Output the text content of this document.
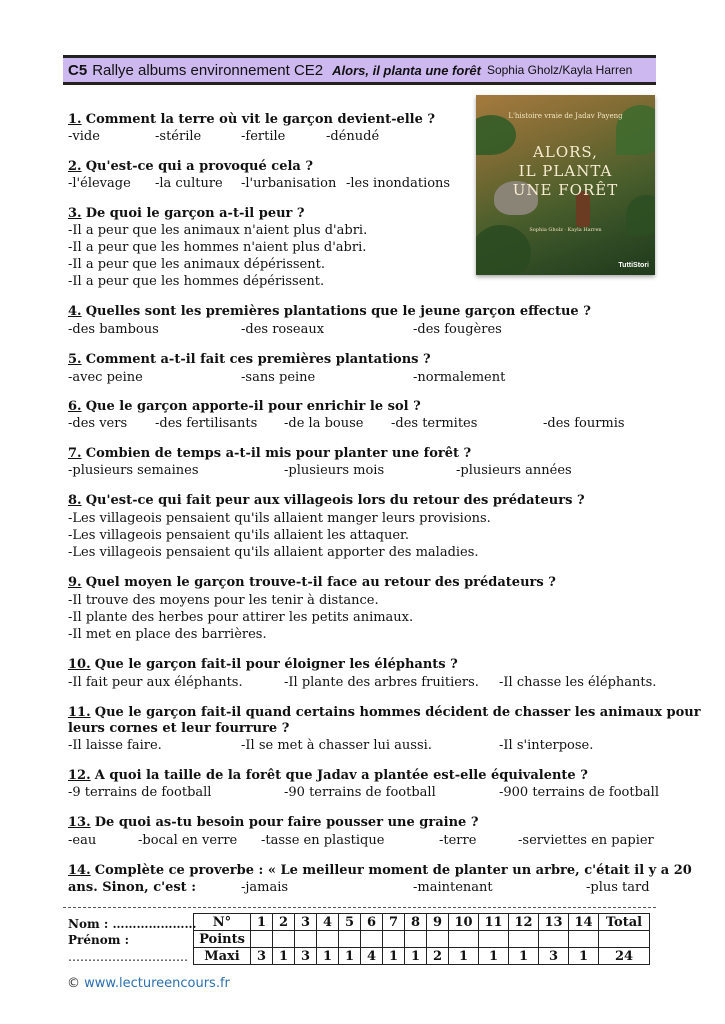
C5 Rallye albums environnement CE2 Alors, il planta une forêt Sophia Gholz/Kayla Harren
L'histoire vraie de Jadav Payeng
ALORS,
IL PLANTA
UNE FORÊT
Sophia Gholz · Kayla Harren
TuttiStori
1. Comment la terre où vit le garçon devient-elle ?
-vide	-stérile	-fertile	-dénudé
2. Qu'est-ce qui a provoqué cela ?
-l'élevage -la culture -l'urbanisation -les inondations
3. De quoi le garçon a-t-il peur ?
-Il a peur que les animaux n'aient plus d'abri.
-Il a peur que les hommes n'aient plus d'abri.
-Il a peur que les animaux dépérissent.
-Il a peur que les hommes dépérissent.
4. Quelles sont les premières plantations que le jeune garçon effectue ?
-des bambous	-des roseaux	-des fougères
5. Comment a-t-il fait ces premières plantations ?
-avec peine	-sans peine	-normalement
6. Que le garçon apporte-il pour enrichir le sol ?
-des vers -des fertilisants -de la bouse -des termites	-des fourmis
7. Combien de temps a-t-il mis pour planter une forêt ?
-plusieurs semaines	-plusieurs mois	-plusieurs années
8. Qu'est-ce qui fait peur aux villageois lors du retour des prédateurs ?
-Les villageois pensaient qu'ils allaient manger leurs provisions.
-Les villageois pensaient qu'ils allaient les attaquer.
-Les villageois pensaient qu'ils allaient apporter des maladies.
9. Quel moyen le garçon trouve-t-il face au retour des prédateurs ?
-Il trouve des moyens pour les tenir à distance.
-Il plante des herbes pour attirer les petits animaux.
-Il met en place des barrières.
10. Que le garçon fait-il pour éloigner les éléphants ?
-Il fait peur aux éléphants.	-Il plante des arbres fruitiers. -Il chasse les éléphants.
11. Que le garçon fait-il quand certains hommes décident de chasser les animaux pour
leurs cornes et leur fourrure ?
-Il laisse faire.	-Il se met à chasser lui aussi.	-Il s'interpose.
12. A quoi la taille de la forêt que Jadav a plantée est-elle équivalente ?
-9 terrains de football	-90 terrains de football	-900 terrains de football
13. De quoi as-tu besoin pour faire pousser une graine ?
-eau	-bocal en verre -tasse en plastique	-terre	-serviettes en papier
14. Complète ce proverbe : « Le meilleur moment de planter un arbre, c'était il y a 20
ans. Sinon, c'est :	-jamais	-maintenant	-plus tard
Nom : …………………
Prénom :
…………………………
N°	1	2	3	4	5	6	7	8	9	10	11	12	13	14	Total
Points															
Maxi	3	1	3	1	1	4	1	1	2	1	1	1	3	1	24
© www.lectureencours.fr
